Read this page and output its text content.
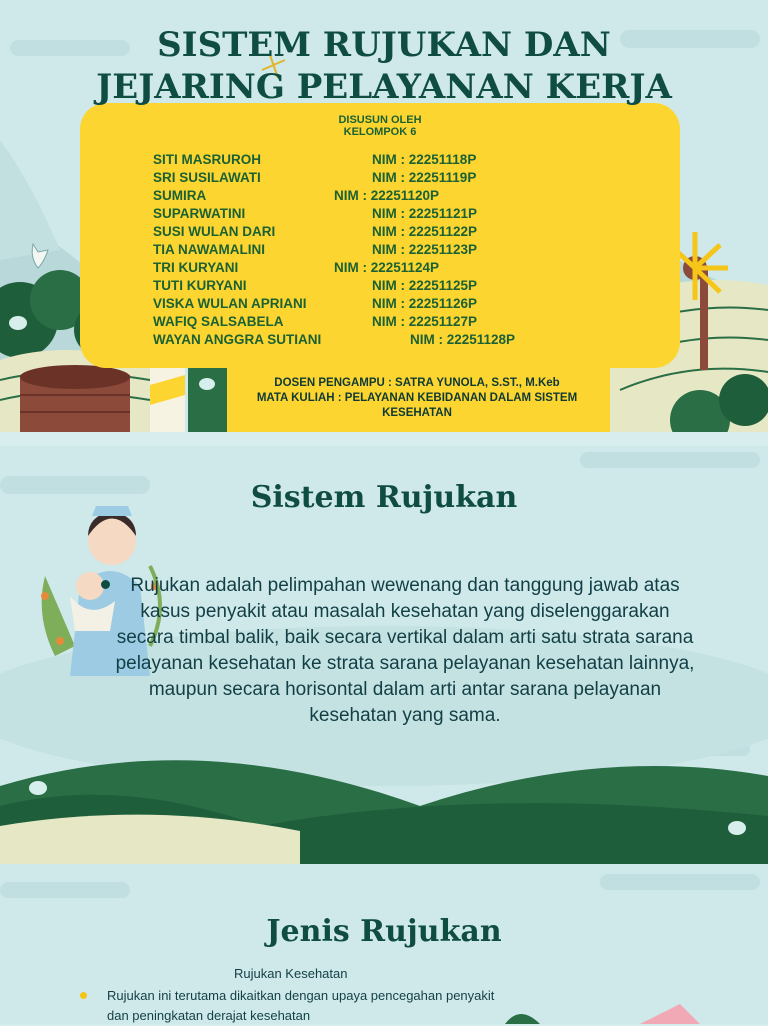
SISTEM RUJUKAN DAN JEJARING PELAYANAN KERJA
DISUSUN OLEH
KELOMPOK 6
SITI MASRUROH	NIM : 22251118P
SRI SUSILAWATI	NIM : 22251119P
SUMIRA	NIM : 22251120P
SUPARWATINI	NIM : 22251121P
SUSI WULAN DARI	NIM : 22251122P
TIA NAWAMALINI	NIM : 22251123P
TRI KURYANI	NIM : 22251124P
TUTI KURYANI	NIM : 22251125P
VISKA WULAN APRIANI	NIM : 22251126P
WAFIQ SALSABELA	NIM : 22251127P
WAYAN ANGGRA SUTIANI	NIM : 22251128P
DOSEN PENGAMPU : SATRA YUNOLA, S.ST., M.Keb
MATA KULIAH : PELAYANAN KEBIDANAN DALAM SISTEM KESEHATAN
Sistem Rujukan

Rujukan adalah pelimpahan wewenang dan tanggung jawab atas kasus penyakit atau masalah kesehatan yang diselenggarakan secara timbal balik, baik secara vertikal dalam arti satu strata sarana pelayanan kesehatan ke strata sarana pelayanan kesehatan lainnya, maupun secara horisontal dalam arti antar sarana pelayanan kesehatan yang sama.

Jenis Rujukan
Rujukan Kesehatan
Rujukan ini terutama dikaitkan dengan upaya pencegahan penyakit dan peningkatan derajat kesehatan
